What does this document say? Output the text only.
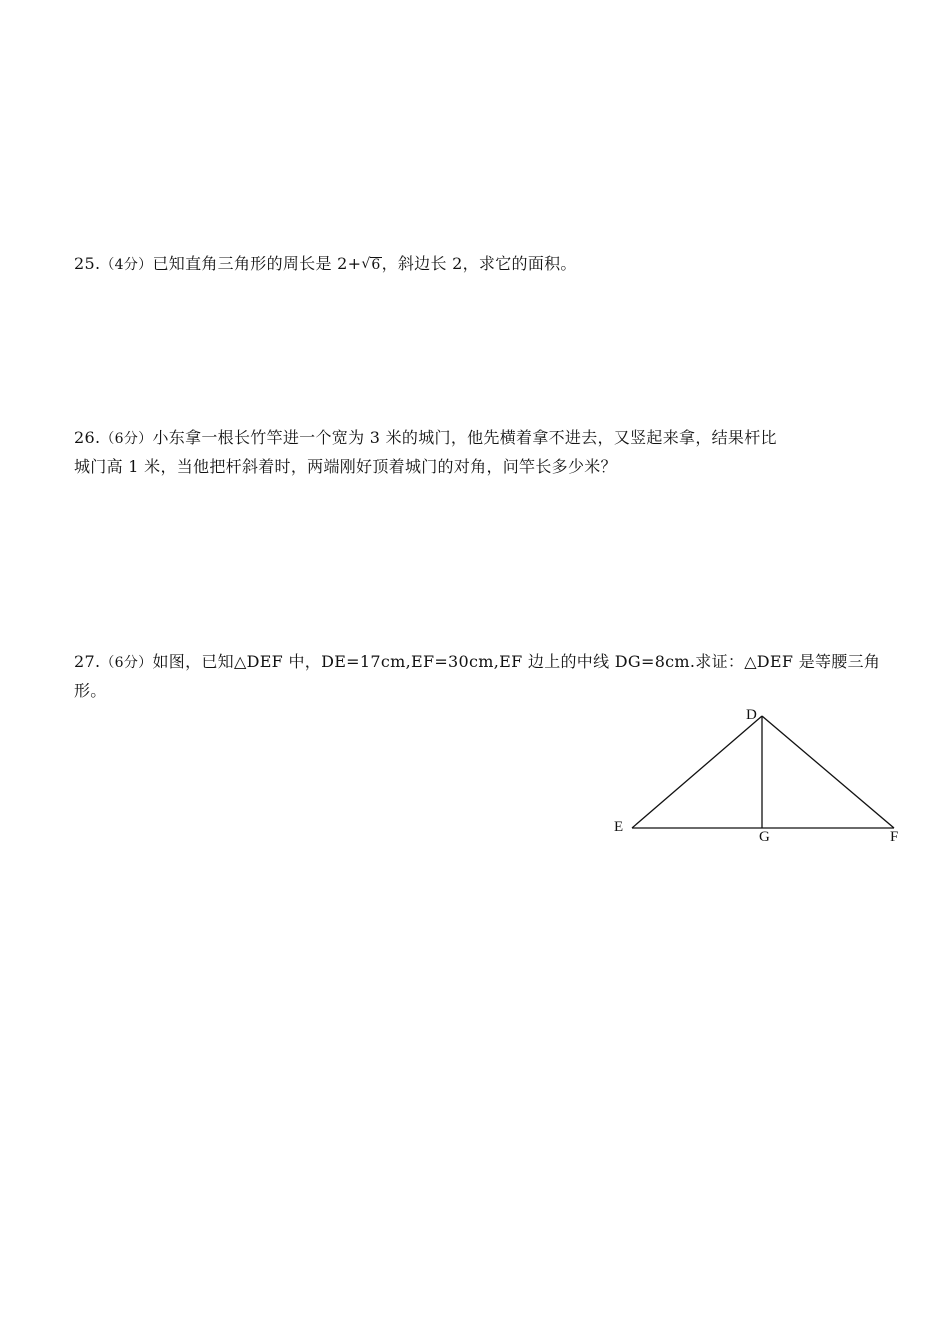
25.（4分）已知直角三角形的周长是 2+ √ 6，斜边长 2，求它的面积。
26.（6分）小东拿一根长竹竿进一个宽为 3 米的城门，他先横着拿不进去，又竖起来拿，结果杆比
城门高 1 米，当他把杆斜着时，两端刚好顶着城门的对角，问竿长多少米？
27.（6分）如图，已知△DEF 中，DE=17cm,EF=30cm,EF 边上的中线 DG=8cm.求证：△DEF 是等腰三角
形。
D
E
F
G
